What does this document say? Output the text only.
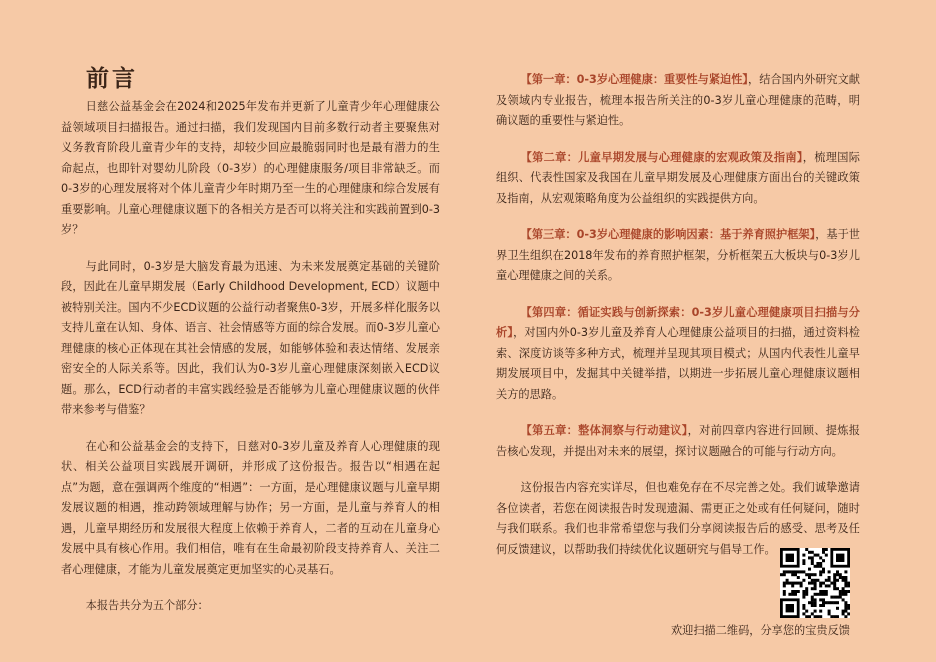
前言

日慈公益基金会在2024和2025年发布并更新了儿童青少年心理健康公益领域项目扫描报告。通过扫描，我们发现国内目前多数行动者主要聚焦对义务教育阶段儿童青少年的支持，却较少回应最脆弱同时也是最有潜力的生命起点，也即针对婴幼儿阶段（0-3岁）的心理健康服务/项目非常缺乏。而0-3岁的心理发展将对个体儿童青少年时期乃至一生的心理健康和综合发展有重要影响。儿童心理健康议题下的各相关方是否可以将关注和实践前置到0-3岁？

与此同时，0-3岁是大脑发育最为迅速、为未来发展奠定基础的关键阶段，因此在儿童早期发展（Early Childhood Development, ECD）议题中被特别关注。国内不少ECD议题的公益行动者聚焦0-3岁，开展多样化服务以支持儿童在认知、身体、语言、社会情感等方面的综合发展。而0-3岁儿童心理健康的核心正体现在其社会情感的发展，如能够体验和表达情绪、发展亲密安全的人际关系等。因此，我们认为0-3岁儿童心理健康深刻嵌入ECD议题。那么，ECD行动者的丰富实践经验是否能够为儿童心理健康议题的伙伴带来参考与借鉴？

在心和公益基金会的支持下，日慈对0-3岁儿童及养育人心理健康的现状、相关公益项目实践展开调研，并形成了这份报告。报告以“相遇在起点”为题，意在强调两个维度的“相遇”：一方面，是心理健康议题与儿童早期发展议题的相遇，推动跨领域理解与协作；另一方面，是儿童与养育人的相遇，儿童早期经历和发展很大程度上依赖于养育人，二者的互动在儿童身心发展中具有核心作用。我们相信，唯有在生命最初阶段支持养育人、关注二者心理健康，才能为儿童发展奠定更加坚实的心灵基石。

本报告共分为五个部分：

【第一章：0-3岁心理健康：重要性与紧迫性】，结合国内外研究文献及领域内专业报告，梳理本报告所关注的0-3岁儿童心理健康的范畴，明确议题的重要性与紧迫性。

【第二章：儿童早期发展与心理健康的宏观政策及指南】，梳理国际组织、代表性国家及我国在儿童早期发展及心理健康方面出台的关键政策及指南，从宏观策略角度为公益组织的实践提供方向。

【第三章：0-3岁心理健康的影响因素：基于养育照护框架】，基于世界卫生组织在2018年发布的养育照护框架，分析框架五大板块与0-3岁儿童心理健康之间的关系。

【第四章：循证实践与创新探索：0-3岁儿童心理健康项目扫描与分析】，对国内外0-3岁儿童及养育人心理健康公益项目的扫描，通过资料检索、深度访谈等多种方式，梳理并呈现其项目模式；从国内代表性儿童早期发展项目中，发掘其中关键举措，以期进一步拓展儿童心理健康议题相关方的思路。

【第五章：整体洞察与行动建议】，对前四章内容进行回顾、提炼报告核心发现，并提出对未来的展望，探讨议题融合的可能与行动方向。

这份报告内容充实详尽，但也难免存在不尽完善之处。我们诚挚邀请各位读者，若您在阅读报告时发现遗漏、需更正之处或有任何疑问，随时与我们联系。我们也非常希望您与我们分享阅读报告后的感受、思考及任何反馈建议，以帮助我们持续优化议题研究与倡导工作。

欢迎扫描二维码，分享您的宝贵反馈
